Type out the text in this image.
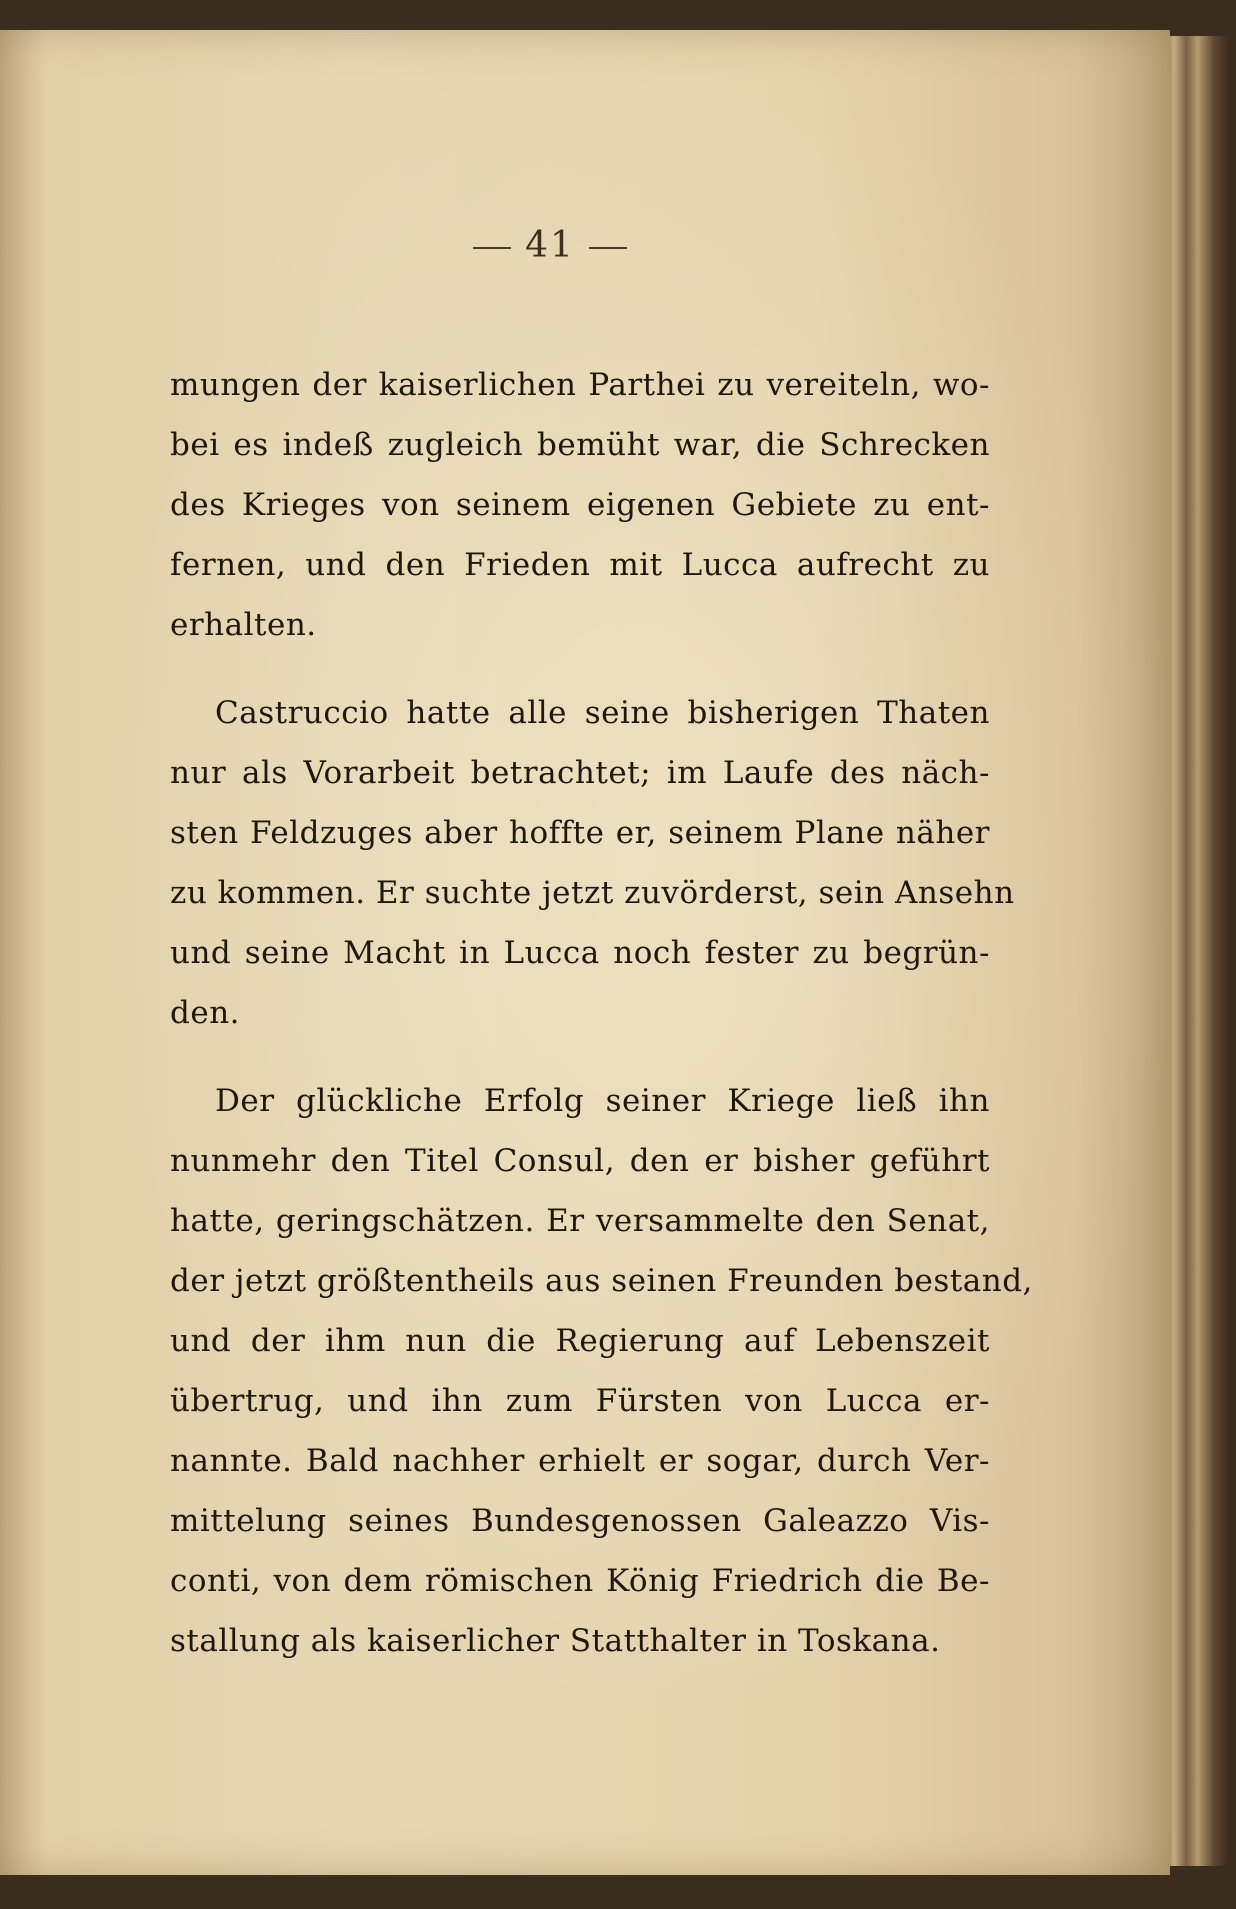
41
mungen der kaiserlichen Parthei zu vereiteln, wo-
bei es indeß zugleich bemüht war, die Schrecken
des Krieges von seinem eigenen Gebiete zu ent-
fernen, und den Frieden mit Lucca aufrecht zu
erhalten.
Castruccio hatte alle seine bisherigen Thaten
nur als Vorarbeit betrachtet; im Laufe des näch-
sten Feldzuges aber hoffte er, seinem Plane näher
zu kommen. Er suchte jetzt zuvörderst, sein Ansehn
und seine Macht in Lucca noch fester zu begrün-
den.
Der glückliche Erfolg seiner Kriege ließ ihn
nunmehr den Titel Consul, den er bisher geführt
hatte, geringschätzen. Er versammelte den Senat,
der jetzt größtentheils aus seinen Freunden bestand,
und der ihm nun die Regierung auf Lebenszeit
übertrug, und ihn zum Fürsten von Lucca er-
nannte. Bald nachher erhielt er sogar, durch Ver-
mittelung seines Bundesgenossen Galeazzo Vis-
conti, von dem römischen König Friedrich die Be-
stallung als kaiserlicher Statthalter in Toskana.
